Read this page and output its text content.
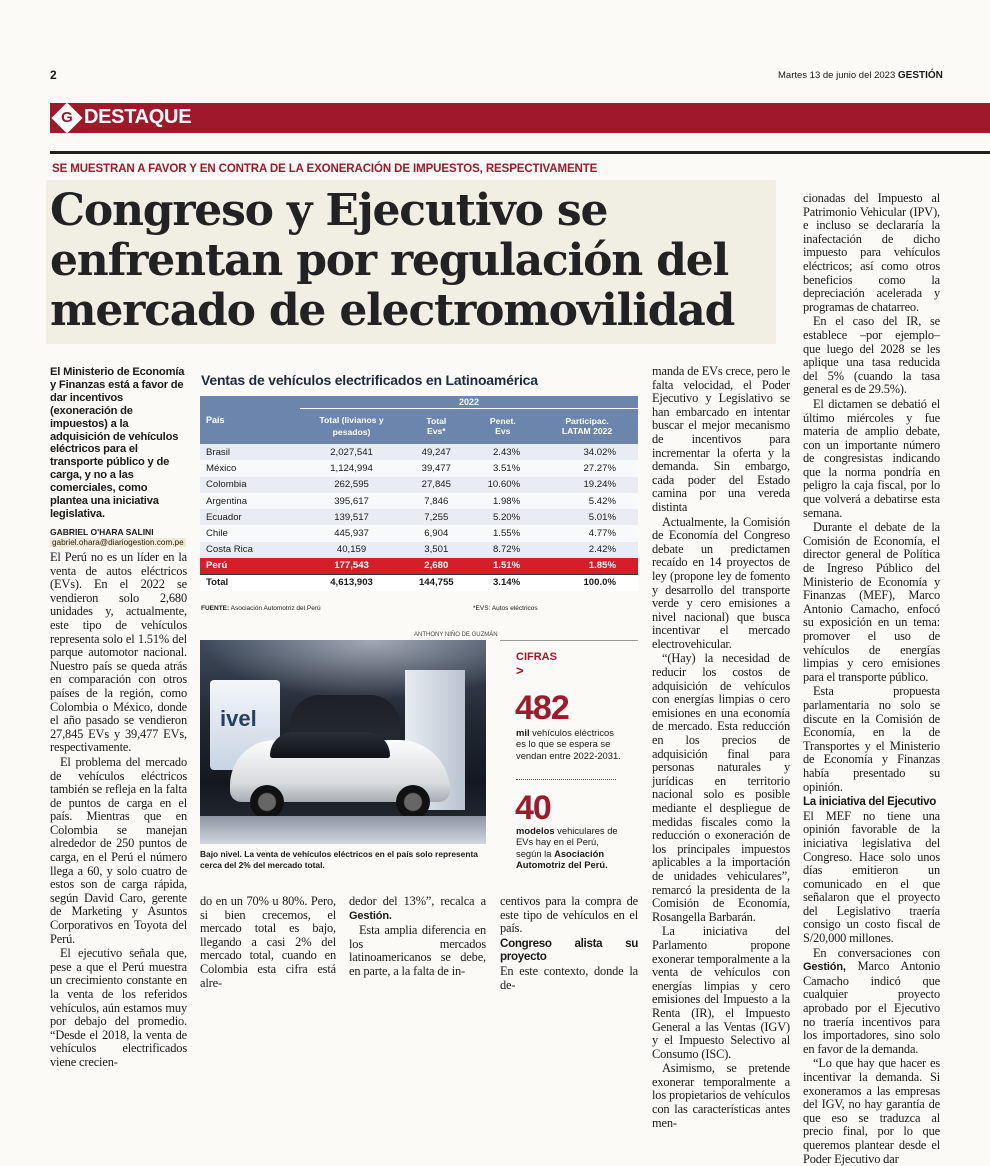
2	Martes 13 de junio del 2023 GESTIÓN
G DESTAQUE
SE MUESTRAN A FAVOR Y EN CONTRA DE LA EXONERACIÓN DE IMPUESTOS, RESPECTIVAMENTE
Congreso y Ejecutivo se
enfrentan por regulación del
mercado de electromovilidad
El Ministerio de Economía y Finanzas está a favor de dar incentivos (exoneración de impuestos) a la adquisición de vehículos eléctricos para el transporte público y de carga, y no a las comerciales, como plantea una iniciativa legislativa.
GABRIEL O'HARA SALINI
gabriel.ohara@diariogestion.com.pe

El Perú no es un líder en la venta de autos eléctricos (EVs). En el 2022 se vendieron solo 2,680 unidades y, actualmente, este tipo de vehículos representa solo el 1.51% del parque automotor nacional. Nuestro país se queda atrás en comparación con otros países de la región, como Colombia o México, donde el año pasado se vendieron 27,845 EVs y 39,477 EVs, respectivamente.

El problema del mercado de vehículos eléctricos también se refleja en la falta de puntos de carga en el país. Mientras que en Colombia se manejan alrededor de 250 puntos de carga, en el Perú el número llega a 60, y solo cuatro de estos son de carga rápida, según David Caro, gerente de Marketing y Asuntos Corporativos en Toyota del Perú.

El ejecutivo señala que, pese a que el Perú muestra un crecimiento constante en la venta de los referidos vehículos, aún estamos muy por debajo del promedio. “Desde el 2018, la venta de vehículos electrificados viene crecien-

Ventas de vehículos electrificados en Latinoamérica
País	2022			
	Total (livianos y pesados)	Total Evs*	Penet. Evs	Participac. LATAM 2022
Brasil	2,027,541	49,247	2.43%	34.02%
México	1,124,994	39,477	3.51%	27.27%
Colombia	262,595	27,845	10.60%	19.24%
Argentina	395,617	7,846	1.98%	5.42%
Ecuador	139,517	7,255	5.20%	5.01%
Chile	445,937	6,904	1.55%	4.77%
Costa Rica	40,159	3,501	8.72%	2.42%
Perú	177,543	2,680	1.51%	1.85%
Total	4,613,903	144,755	3.14%	100.0%
FUENTE: Asociación Automotriz del Perú	*EVS: Autos eléctricos
ANTHONY NIÑO DE GUZMÁN
ivel
Bajo nivel. La venta de vehículos eléctricos en el país solo representa cerca del 2% del mercado total.
CIFRAS
>
482
mil vehículos eléctricos es lo que se espera se vendan entre 2022-2031.
40
modelos vehiculares de EVs hay en el Perú, según la Asociación Automotriz del Perú.

do en un 70% u 80%. Pero, si bien crecemos, el mercado total es bajo, llegando a casi 2% del mercado total, cuando en Colombia esta cifra está alre-

dedor del 13%”, recalca a Gestión.

Esta amplia diferencia en los mercados latinoamericanos se debe, en parte, a la falta de in-

centivos para la compra de este tipo de vehículos en el país.

Congreso alista su proyecto

En este contexto, donde la de-

manda de EVs crece, pero le falta velocidad, el Poder Ejecutivo y Legislativo se han embarcado en intentar buscar el mejor mecanismo de incentivos para incrementar la oferta y la demanda. Sin embargo, cada poder del Estado camina por una vereda distinta

Actualmente, la Comisión de Economía del Congreso debate un predictamen recaído en 14 proyectos de ley (propone ley de fomento y desarrollo del transporte verde y cero emisiones a nivel nacional) que busca incentivar el mercado electrovehicular.

“(Hay) la necesidad de reducir los costos de adquisición de vehículos con energías limpias o cero emisiones en una economía de mercado. Esta reducción en los precios de adquisición final para personas naturales y jurídicas en territorio nacional solo es posible mediante el despliegue de medidas fiscales como la reducción o exoneración de los principales impuestos aplicables a la importación de unidades vehiculares”, remarcó la presidenta de la Comisión de Economía, Rosangella Barbarán.

La iniciativa del Parlamento propone exonerar temporalmente a la venta de vehículos con energías limpias y cero emisiones del Impuesto a la Renta (IR), el Impuesto General a las Ventas (IGV) y el Impuesto Selectivo al Consumo (ISC).

Asimismo, se pretende exonerar temporalmente a los propietarios de vehículos con las características antes men-

cionadas del Impuesto al Patrimonio Vehicular (IPV), e incluso se declararía la inafectación de dicho impuesto para vehículos eléctricos; así como otros beneficios como la depreciación acelerada y programas de chatarreo.

En el caso del IR, se establece –por ejemplo– que luego del 2028 se les aplique una tasa reducida del 5% (cuando la tasa general es de 29.5%).

El dictamen se debatió el último miércoles y fue materia de amplio debate, con un importante número de congresistas indicando que la norma pondría en peligro la caja fiscal, por lo que volverá a debatirse esta semana.

Durante el debate de la Comisión de Economía, el director general de Política de Ingreso Público del Ministerio de Economía y Finanzas (MEF), Marco Antonio Camacho, enfocó su exposición en un tema: promover el uso de vehículos de energías limpias y cero emisiones para el transporte público.

Esta propuesta parlamentaria no solo se discute en la Comisión de Economía, en la de Transportes y el Ministerio de Economía y Finanzas había presentado su opinión.

La iniciativa del Ejecutivo

El MEF no tiene una opinión favorable de la iniciativa legislativa del Congreso. Hace solo unos días emitieron un comunicado en el que señalaron que el proyecto del Legislativo traería consigo un costo fiscal de S/20,000 millones.

En conversaciones con Gestión, Marco Antonio Camacho indicó que cualquier proyecto aprobado por el Ejecutivo no traería incentivos para los importadores, sino solo en favor de la demanda.

“Lo que hay que hacer es incentivar la demanda. Si exoneramos a las empresas del IGV, no hay garantía de que eso se traduzca al precio final, por lo que queremos plantear desde el Poder Ejecutivo dar
